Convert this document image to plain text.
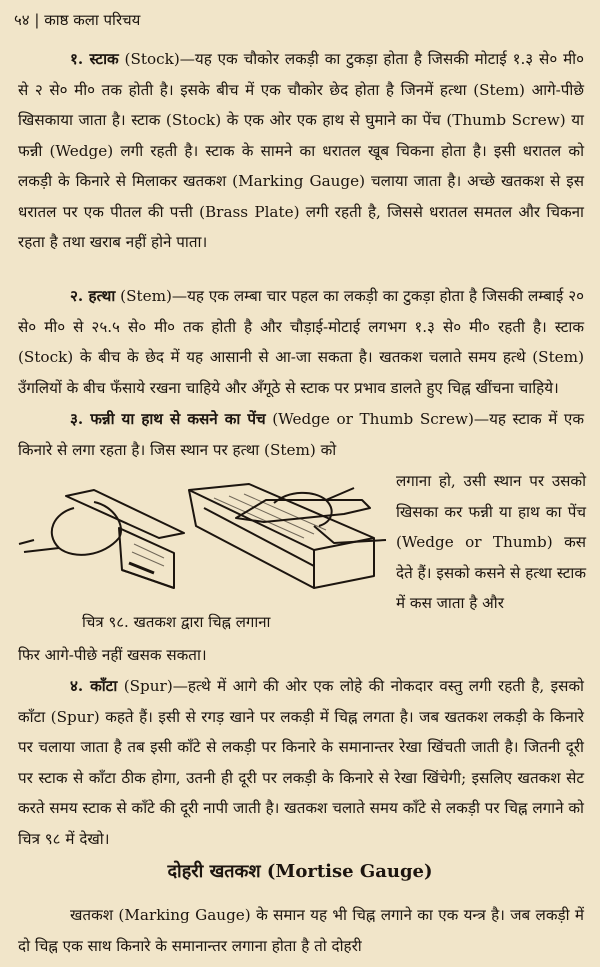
५४ | काष्ठ कला परिचय
१. स्टाक (Stock)—यह एक चौकोर लकड़ी का टुकड़ा होता है जिसकी मोटाई १.३ से० मी० से २ से० मी० तक होती है। इसके बीच में एक चौकोर छेद होता है जिनमें हत्था (Stem) आगे-पीछे खिसकाया जाता है। स्टाक (Stock) के एक ओर एक हाथ से घुमाने का पेंच (Thumb Screw) या फन्नी (Wedge) लगी रहती है। स्टाक के सामने का धरातल खूब चिकना होता है। इसी धरातल को लकड़ी के किनारे से मिलाकर खतकश (Marking Gauge) चलाया जाता है। अच्छे खतकश से इस धरातल पर एक पीतल की पत्ती (Brass Plate) लगी रहती है, जिससे धरातल समतल और चिकना रहता है तथा खराब नहीं होने पाता।
२. हत्था (Stem)—यह एक लम्बा चार पहल का लकड़ी का टुकड़ा होता है जिसकी लम्बाई २० से० मी० से २५.५ से० मी० तक होती है और चौड़ाई-मोटाई लगभग १.३ से० मी० रहती है। स्टाक (Stock) के बीच के छेद में यह आसानी से आ-जा सकता है। खतकश चलाते समय हत्थे (Stem) उँगलियों के बीच फँसाये रखना चाहिये और अँगूठे से स्टाक पर प्रभाव डालते हुए चिह्न खींचना चाहिये।
३. फन्नी या हाथ से कसने का पेंच (Wedge or Thumb Screw)—यह स्टाक में एक किनारे से लगा रहता है। जिस स्थान पर हत्था (Stem) को
लगाना हो, उसी स्थान पर उसको खिसका कर फन्नी या हाथ का पेंच (Wedge or Thumb) कस देते हैं। इसको कसने से हत्था स्टाक में कस जाता है और
चित्र ९८. खतकश द्वारा चिह्न लगाना
फिर आगे-पीछे नहीं खसक सकता।
४. काँटा (Spur)—हत्थे में आगे की ओर एक लोहे की नोकदार वस्तु लगी रहती है, इसको काँटा (Spur) कहते हैं। इसी से रगड़ खाने पर लकड़ी में चिह्न लगता है। जब खतकश लकड़ी के किनारे पर चलाया जाता है तब इसी काँटे से लकड़ी पर किनारे के समानान्तर रेखा खिंचती जाती है। जितनी दूरी पर स्टाक से काँटा ठीक होगा, उतनी ही दूरी पर लकड़ी के किनारे से रेखा खिंचेगी; इसलिए खतकश सेट करते समय स्टाक से काँटे की दूरी नापी जाती है। खतकश चलाते समय काँटे से लकड़ी पर चिह्न लगाने को चित्र ९८ में देखो।
दोहरी खतकश (Mortise Gauge)
खतकश (Marking Gauge) के समान यह भी चिह्न लगाने का एक यन्त्र है। जब लकड़ी में दो चिह्न एक साथ किनारे के समानान्तर लगाना होता है तो दोहरी
